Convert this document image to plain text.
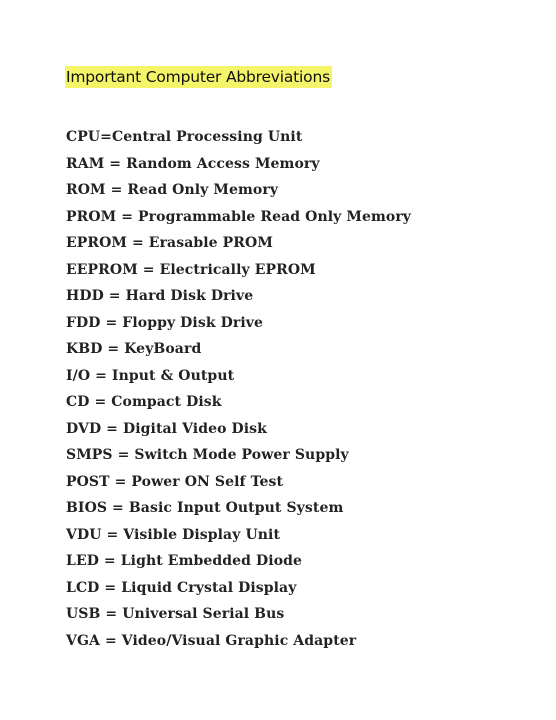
Important Computer Abbreviations
CPU=Central Processing Unit
RAM = Random Access Memory
ROM = Read Only Memory
PROM = Programmable Read Only Memory
EPROM = Erasable PROM
EEPROM = Electrically EPROM
HDD = Hard Disk Drive
FDD = Floppy Disk Drive
KBD = KeyBoard
I/O = Input & Output
CD = Compact Disk
DVD = Digital Video Disk
SMPS = Switch Mode Power Supply
POST = Power ON Self Test
BIOS = Basic Input Output System
VDU = Visible Display Unit
LED = Light Embedded Diode
LCD = Liquid Crystal Display
USB = Universal Serial Bus
VGA = Video/Visual Graphic Adapter
